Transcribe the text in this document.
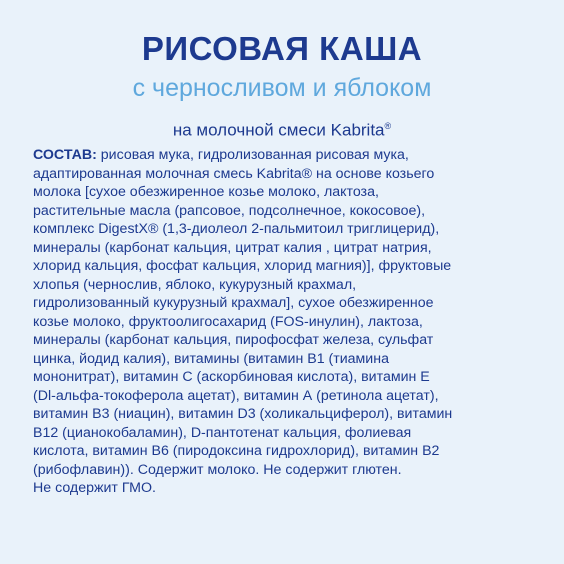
РИСОВАЯ КАША
с черносливом и яблоком
на молочной смеси Kabrita®

СОСТАВ: рисовая мука, гидролизованная рисовая мука,
адаптированная молочная смесь Kabrita® на основе козьего
молока [сухое обезжиренное козье молоко, лактоза,
растительные масла (рапсовое, подсолнечное, кокосовое),
комплекс DigestX® (1,3-диолеол 2-пальмитоил триглицерид),
минералы (карбонат кальция, цитрат калия , цитрат натрия,
хлорид кальция, фосфат кальция, хлорид магния)], фруктовые
хлопья (чернослив, яблоко, кукурузный крахмал,
гидролизованный кукурузный крахмал], сухое обезжиренное
козье молоко, фруктоолигосахарид (FOS-инулин), лактоза,
минералы (карбонат кальция, пирофосфат железа, сульфат
цинка, йодид калия), витамины (витамин В1 (тиамина
мононитрат), витамин С (аскорбиновая кислота), витамин Е
(Dl-альфа-токоферола ацетат), витамин А (ретинола ацетат),
витамин В3 (ниацин), витамин D3 (холикальциферол), витамин
В12 (цианокобаламин), D-пантотенат кальция, фолиевая
кислота, витамин В6 (пиродоксина гидрохлорид), витамин В2
(рибофлавин)). Содержит молоко. Не содержит глютен.
Не содержит ГМО.
